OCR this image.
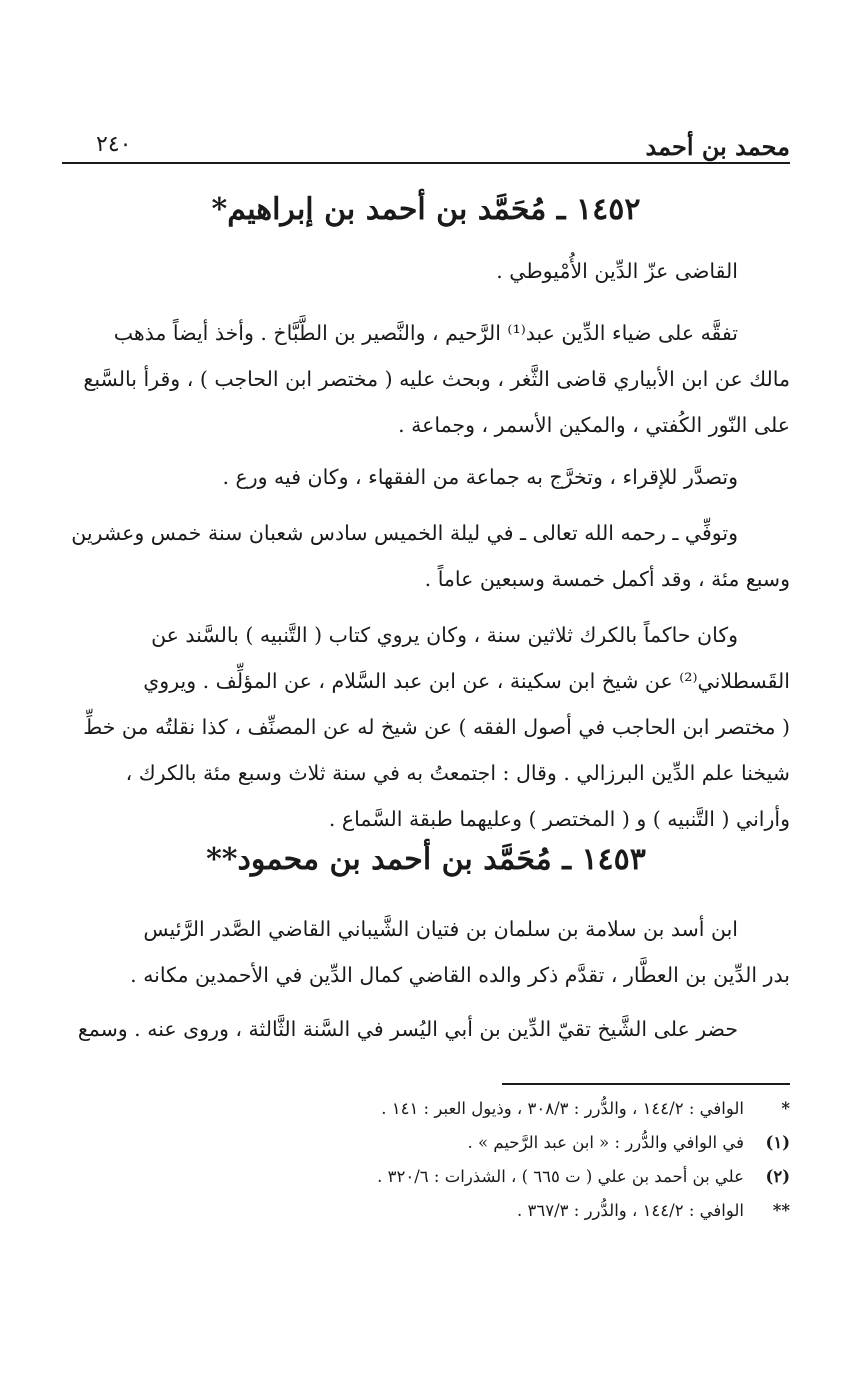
محمد بن أحمد
٢٤٠
١٤٥٢ ـ مُحَمَّد بن أحمد بن إبراهيم*
القاضى عزّ الدِّين الأُمْيوطي .
تفقَّه على ضياء الدِّين عبد⁽¹⁾ الرَّحيم ، والنَّصير بن الطَّبَّاخ . وأخذ أيضاً مذهب
مالك عن ابن الأبياري قاضى الثَّغر ، وبحث عليه ( مختصر ابن الحاجب ) ، وقرأ بالسَّبع
على النّور الكُفتي ، والمكين الأسمر ، وجماعة .
وتصدَّر للإقراء ، وتخرَّج به جماعة من الفقهاء ، وكان فيه ورع .
وتوفِّي ـ رحمه الله تعالى ـ في ليلة الخميس سادس شعبان سنة خمس وعشرين
وسبع مئة ، وقد أكمل خمسة وسبعين عاماً .
وكان حاكماً بالكرك ثلاثين سنة ، وكان يروي كتاب ( التَّنبيه ) بالسَّند عن
القَسطلاني⁽²⁾ عن شيخ ابن سكينة ، عن ابن عبد السَّلام ، عن المؤلِّف . ويروي
( مختصر ابن الحاجب في أصول الفقه ) عن شيخ له عن المصنِّف ، كذا نقلتُه من خطِّ
شيخنا علم الدِّين البرزالي . وقال : اجتمعتُ به في سنة ثلاث وسبع مئة بالكرك ،
وأراني ( التَّنبيه ) و ( المختصر ) وعليهما طبقة السَّماع .
١٤٥٣ ـ مُحَمَّد بن أحمد بن محمود**
ابن أسد بن سلامة بن سلمان بن فتيان الشَّيباني القاضي الصَّدر الرَّئيس
بدر الدِّين بن العطَّار ، تقدَّم ذكر والده القاضي كمال الدِّين في الأحمدين مكانه .
حضر على الشَّيخ تقيّ الدِّين بن أبي اليُسر في السَّنة الثَّالثة ، وروى عنه . وسمع
*
الوافي : ١٤٤/٢ ، والدُّرر : ٣٠٨/٣ ، وذيول العبر : ١٤١ .
(١)
في الوافي والدُّرر : « ابن عبد الرَّحيم » .
(٢)
علي بن أحمد بن علي ( ت ٦٦٥ ) ، الشذرات : ٣٢٠/٦ .
**
الوافي : ١٤٤/٢ ، والدُّرر : ٣٦٧/٣ .
